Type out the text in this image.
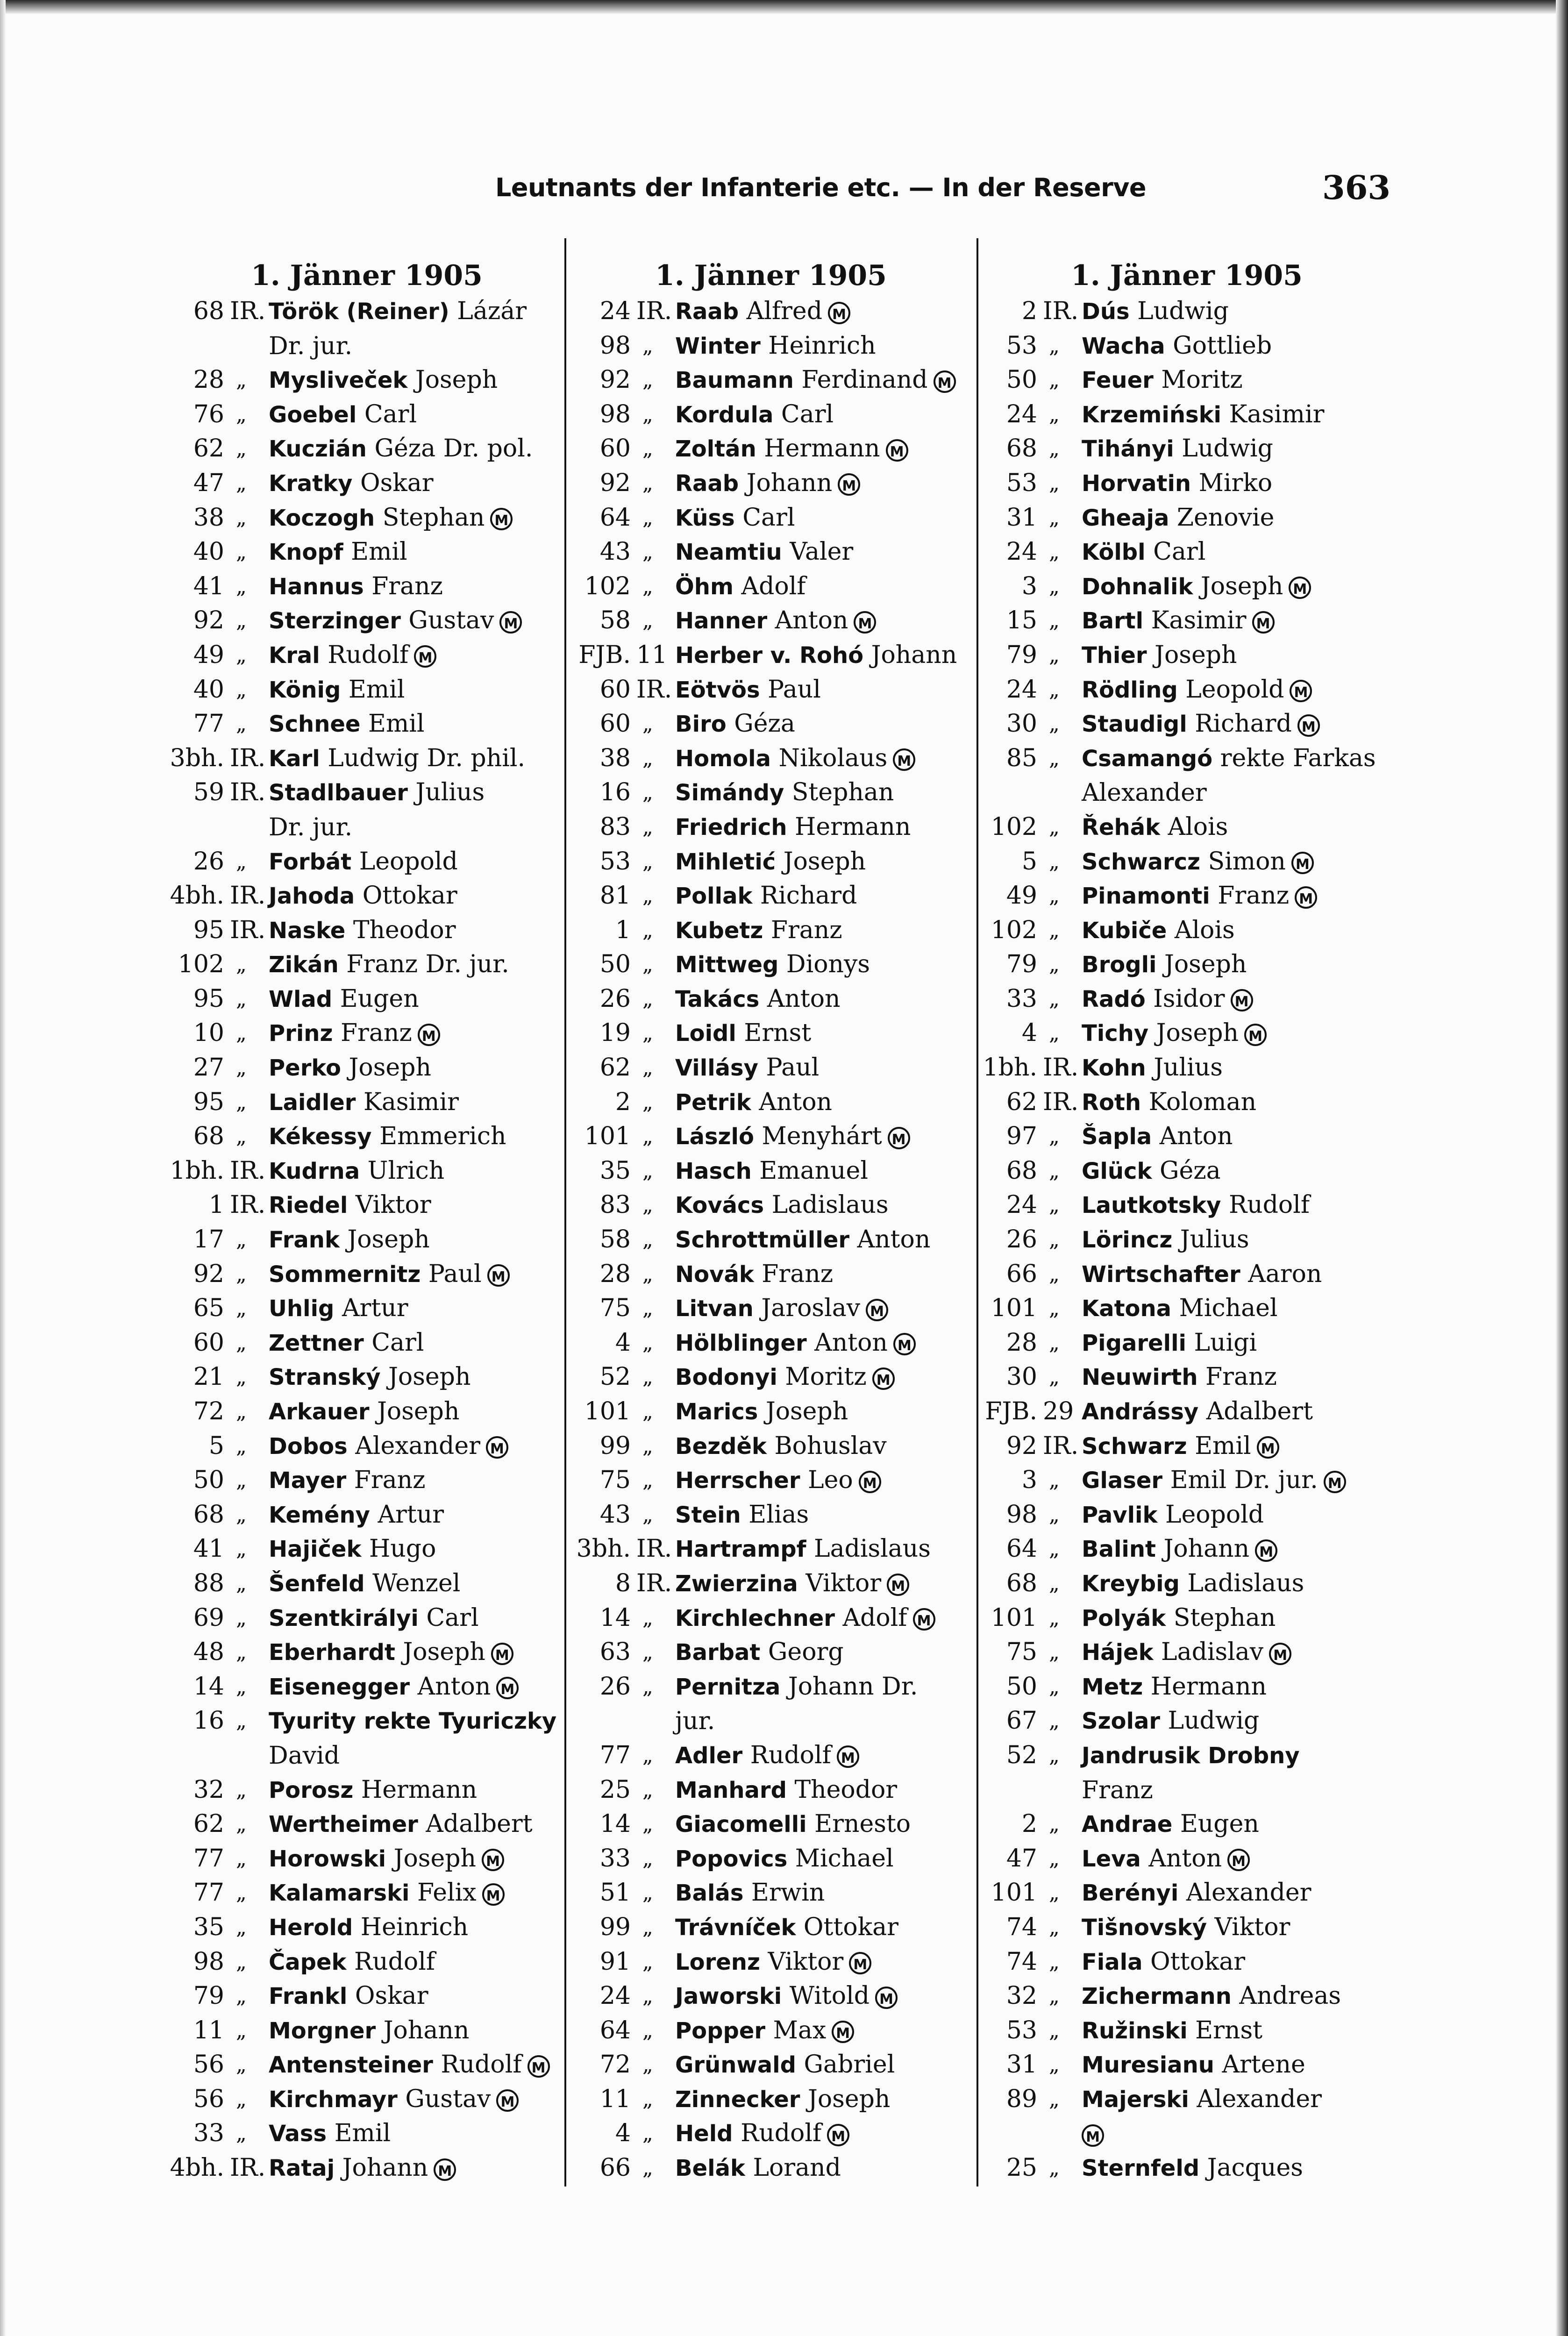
Leutnants der Infanterie etc. — In der Reserve	363
1. Jänner 1905
68 IR. Török (Reiner) Lázár
Dr. jur.
28 „ Mysliveček Joseph
76 „ Goebel Carl
62 „ Kuczián Géza Dr. pol.
47 „ Kratky Oskar
38 „ Koczogh Stephan M
40 „ Knopf Emil
41 „ Hannus Franz
92 „ Sterzinger Gustav M
49 „ Kral Rudolf M
40 „ König Emil
77 „ Schnee Emil
3bh. IR. Karl Ludwig Dr. phil.
59 IR. Stadlbauer Julius
Dr. jur.
26 „ Forbát Leopold
4bh. IR. Jahoda Ottokar
95 IR. Naske Theodor
102 „ Zikán Franz Dr. jur.
95 „ Wlad Eugen
10 „ Prinz Franz M
27 „ Perko Joseph
95 „ Laidler Kasimir
68 „ Kékessy Emmerich
1bh. IR. Kudrna Ulrich
1 IR. Riedel Viktor
17 „ Frank Joseph
92 „ Sommernitz Paul M
65 „ Uhlig Artur
60 „ Zettner Carl
21 „ Stranský Joseph
72 „ Arkauer Joseph
5 „ Dobos Alexander M
50 „ Mayer Franz
68 „ Kemény Artur
41 „ Hajiček Hugo
88 „ Šenfeld Wenzel
69 „ Szentkirályi Carl
48 „ Eberhardt Joseph M
14 „ Eisenegger Anton M
16 „ Tyurity rekte Tyuriczky
David
32 „ Porosz Hermann
62 „ Wertheimer Adalbert
77 „ Horowski Joseph M
77 „ Kalamarski Felix M
35 „ Herold Heinrich
98 „ Čapek Rudolf
79 „ Frankl Oskar
11 „ Morgner Johann
56 „ Antensteiner Rudolf M
56 „ Kirchmayr Gustav M
33 „ Vass Emil
4bh. IR. Rataj Johann M
1. Jänner 1905
24 IR. Raab Alfred M
98 „ Winter Heinrich
92 „ Baumann Ferdinand M
98 „ Kordula Carl
60 „ Zoltán Hermann M
92 „ Raab Johann M
64 „ Küss Carl
43 „ Neamtiu Valer
102 „ Öhm Adolf
58 „ Hanner Anton M
FJB. 11 Herber v. Rohó Johann
60 IR. Eötvös Paul
60 „ Biro Géza
38 „ Homola Nikolaus M
16 „ Simándy Stephan
83 „ Friedrich Hermann
53 „ Mihletić Joseph
81 „ Pollak Richard
1 „ Kubetz Franz
50 „ Mittweg Dionys
26 „ Takács Anton
19 „ Loidl Ernst
62 „ Villásy Paul
2 „ Petrik Anton
101 „ László Menyhárt M
35 „ Hasch Emanuel
83 „ Kovács Ladislaus
58 „ Schrottmüller Anton
28 „ Novák Franz
75 „ Litvan Jaroslav M
4 „ Hölblinger Anton M
52 „ Bodonyi Moritz M
101 „ Marics Joseph
99 „ Bezděk Bohuslav
75 „ Herrscher Leo M
43 „ Stein Elias
3bh. IR. Hartrampf Ladislaus
8 IR. Zwierzina Viktor M
14 „ Kirchlechner Adolf M
63 „ Barbat Georg
26 „ Pernitza Johann Dr.
jur.
77 „ Adler Rudolf M
25 „ Manhard Theodor
14 „ Giacomelli Ernesto
33 „ Popovics Michael
51 „ Balás Erwin
99 „ Trávníček Ottokar
91 „ Lorenz Viktor M
24 „ Jaworski Witold M
64 „ Popper Max M
72 „ Grünwald Gabriel
11 „ Zinnecker Joseph
4 „ Held Rudolf M
66 „ Belák Lorand
1. Jänner 1905
2 IR. Dús Ludwig
53 „ Wacha Gottlieb
50 „ Feuer Moritz
24 „ Krzemiński Kasimir
68 „ Tihányi Ludwig
53 „ Horvatin Mirko
31 „ Gheaja Zenovie
24 „ Kölbl Carl
3 „ Dohnalik Joseph M
15 „ Bartl Kasimir M
79 „ Thier Joseph
24 „ Rödling Leopold M
30 „ Staudigl Richard M
85 „ Csamangó rekte Farkas
Alexander
102 „ Řehák Alois
5 „ Schwarcz Simon M
49 „ Pinamonti Franz M
102 „ Kubiče Alois
79 „ Brogli Joseph
33 „ Radó Isidor M
4 „ Tichy Joseph M
1bh. IR. Kohn Julius
62 IR. Roth Koloman
97 „ Šapla Anton
68 „ Glück Géza
24 „ Lautkotsky Rudolf
26 „ Lörincz Julius
66 „ Wirtschafter Aaron
101 „ Katona Michael
28 „ Pigarelli Luigi
30 „ Neuwirth Franz
FJB. 29 Andrássy Adalbert
92 IR. Schwarz Emil M
3 „ Glaser Emil Dr. jur. M
98 „ Pavlik Leopold
64 „ Balint Johann M
68 „ Kreybig Ladislaus
101 „ Polyák Stephan
75 „ Hájek Ladislav M
50 „ Metz Hermann
67 „ Szolar Ludwig
52 „ Jandrusik Drobny
Franz
2 „ Andrae Eugen
47 „ Leva Anton M
101 „ Berényi Alexander
74 „ Tišnovský Viktor
74 „ Fiala Ottokar
32 „ Zichermann Andreas
53 „ Ružinski Ernst
31 „ Muresianu Artene
89 „ Majerski Alexander
M
25 „ Sternfeld Jacques
